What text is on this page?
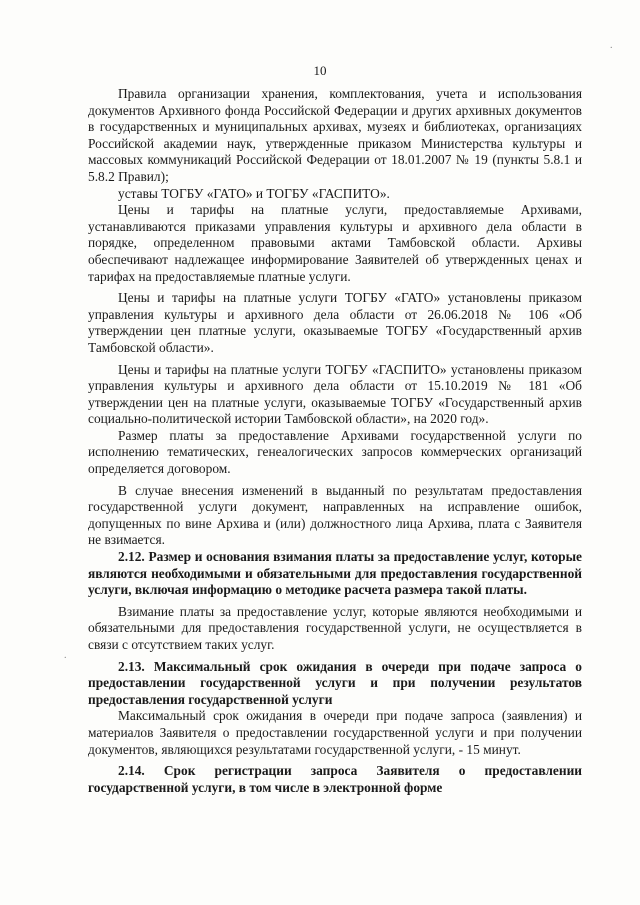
10

Правила организации хранения, комплектования, учета и использования документов Архивного фонда Российской Федерации и других архивных документов в государственных и муниципальных архивах, музеях и библиотеках, организациях Российской академии наук, утвержденные приказом Министерства культуры и массовых коммуникаций Российской Федерации от 18.01.2007 № 19 (пункты 5.8.1 и 5.8.2 Правил);

уставы ТОГБУ «ГАТО» и ТОГБУ «ГАСПИТО».

Цены и тарифы на платные услуги, предоставляемые Архивами, устанавливаются приказами управления культуры и архивного дела области в порядке, определенном правовыми актами Тамбовской области. Архивы обеспечивают надлежащее информирование Заявителей об утвержденных ценах и тарифах на предоставляемые платные услуги.

Цены и тарифы на платные услуги ТОГБУ «ГАТО» установлены приказом управления культуры и архивного дела области от 26.06.2018 № 106 «Об утверждении цен платные услуги, оказываемые ТОГБУ «Государственный архив Тамбовской области».

Цены и тарифы на платные услуги ТОГБУ «ГАСПИТО» установлены приказом управления культуры и архивного дела области от 15.10.2019 № 181 «Об утверждении цен на платные услуги, оказываемые ТОГБУ «Государственный архив социально-политической истории Тамбовской области», на 2020 год».

Размер платы за предоставление Архивами государственной услуги по исполнению тематических, генеалогических запросов коммерческих организаций определяется договором.

В случае внесения изменений в выданный по результатам предоставления государственной услуги документ, направленных на исправление ошибок, допущенных по вине Архива и (или) должностного лица Архива, плата с Заявителя не взимается.

2.12. Размер и основания взимания платы за предоставление услуг, которые являются необходимыми и обязательными для предоставления государственной услуги, включая информацию о методике расчета размера такой платы.

Взимание платы за предоставление услуг, которые являются необходимыми и обязательными для предоставления государственной услуги, не осуществляется в связи с отсутствием таких услуг.

2.13. Максимальный срок ожидания в очереди при подаче запроса о предоставлении государственной услуги и при получении результатов предоставления государственной услуги

Максимальный срок ожидания в очереди при подаче запроса (заявления) и материалов Заявителя о предоставлении государственной услуги и при получении документов, являющихся результатами государственной услуги, - 15 минут.

2.14. Срок регистрации запроса Заявителя о предоставлении государственной услуги, в том числе в электронной форме

.
.
